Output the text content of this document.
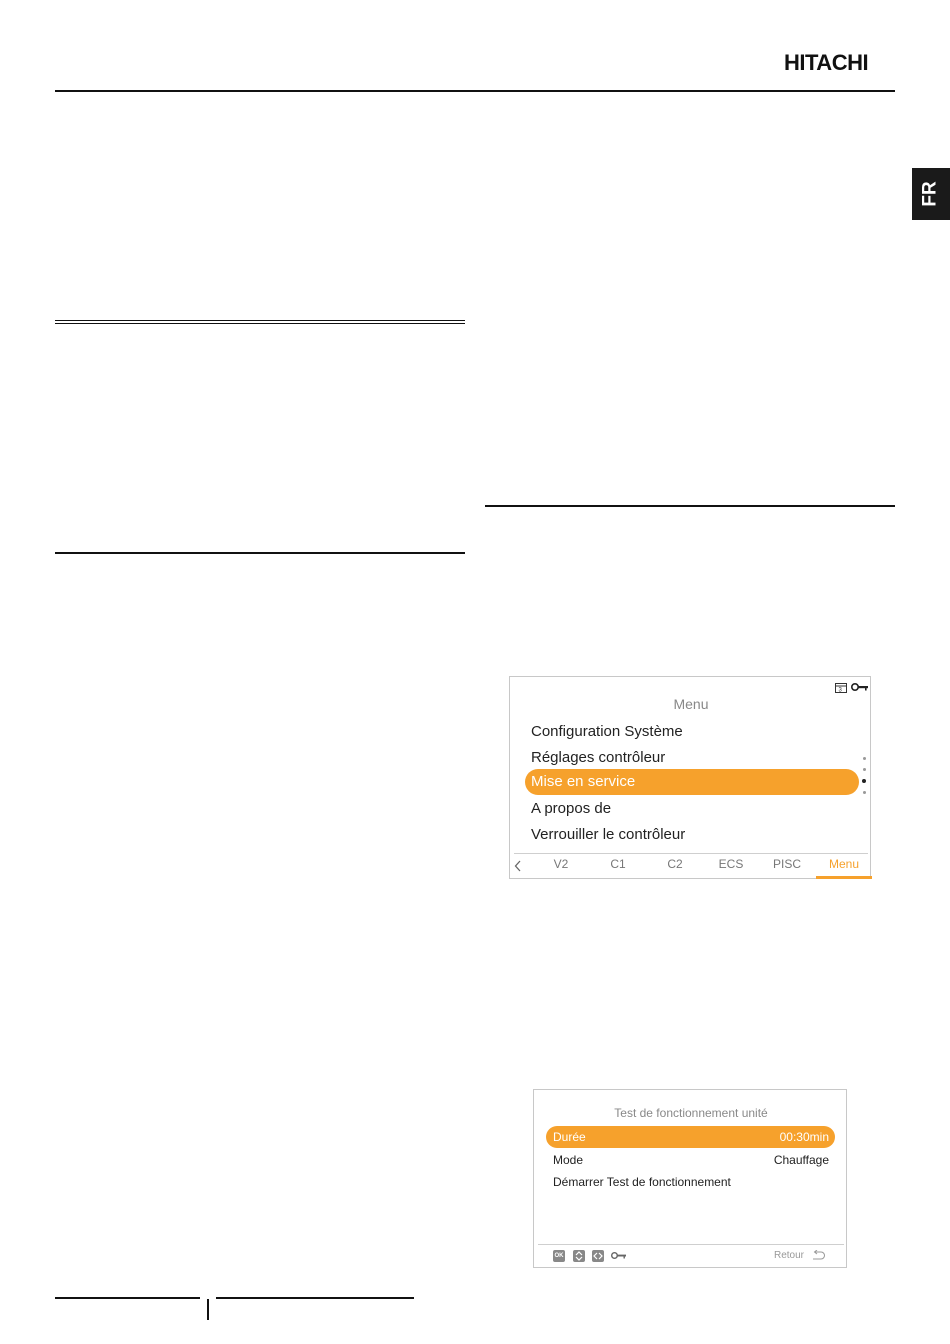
HITACHI
FR
3
Menu
Configuration Système
Réglages contrôleur
Mise en service
A propos de
Verrouiller le contrôleur
V2	C1	C2	ECS	PISC	Menu
Test de fonctionnement unité
Durée	00:30min
Mode	Chauffage
Démarrer Test de fonctionnement
OK	Retour
